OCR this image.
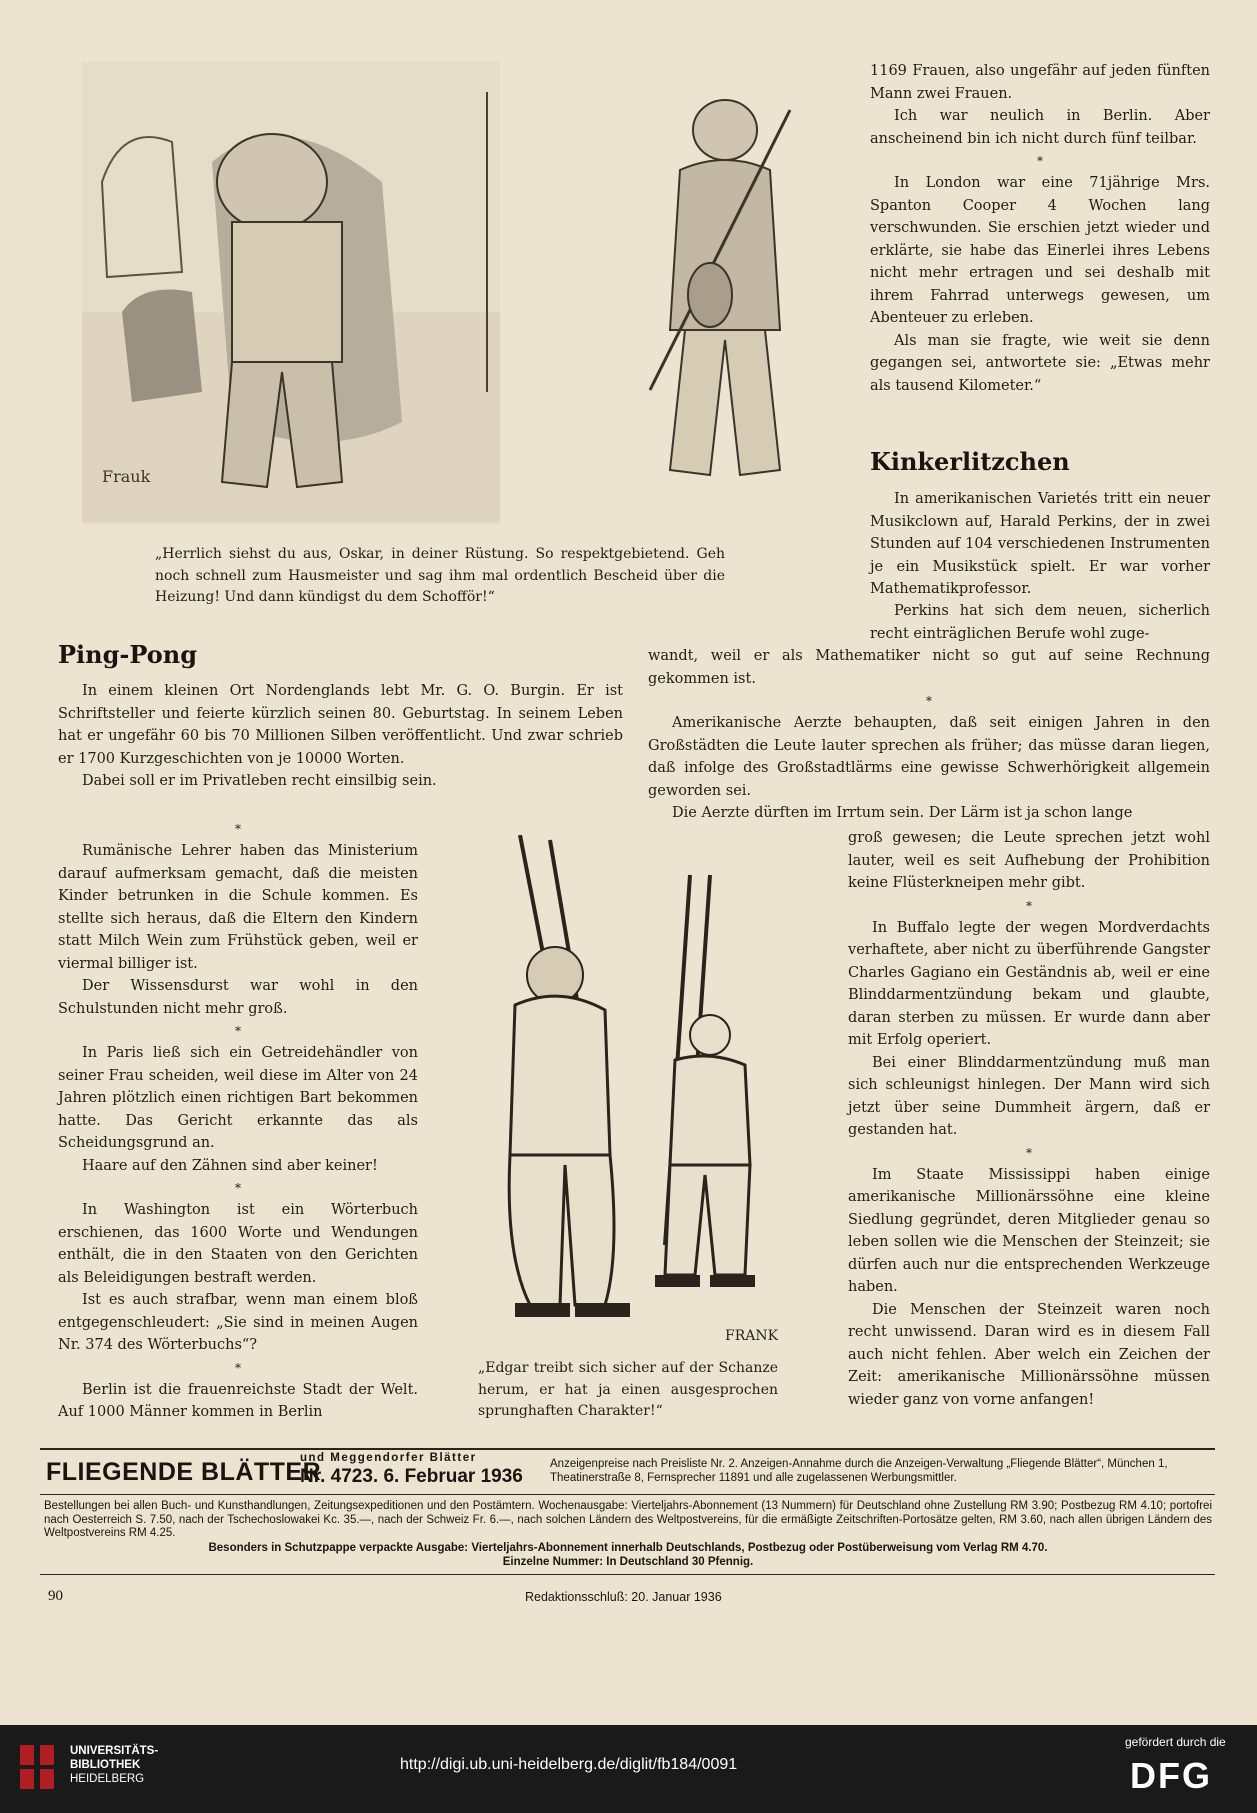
Frauk
„Herrlich siehst du aus, Oskar, in deiner Rüstung. So respektgebietend. Geh noch schnell zum Hausmeister und sag ihm mal ordentlich Bescheid über die Heizung! Und dann kündigst du dem Schofför!“

1169 Frauen, also ungefähr auf jeden fünften Mann zwei Frauen.

Ich war neulich in Berlin. Aber anscheinend bin ich nicht durch fünf teilbar.

*

In London war eine 71jährige Mrs. Spanton Cooper 4 Wochen lang verschwunden. Sie erschien jetzt wieder und erklärte, sie habe das Einerlei ihres Lebens nicht mehr ertragen und sei deshalb mit ihrem Fahrrad unterwegs gewesen, um Abenteuer zu erleben.

Als man sie fragte, wie weit sie denn gegangen sei, antwortete sie: „Etwas mehr als tausend Kilometer.“

Kinkerlitzchen

In amerikanischen Varietés tritt ein neuer Musikclown auf, Harald Perkins, der in zwei Stunden auf 104 verschiedenen Instrumenten je ein Musikstück spielt. Er war vorher Mathematikprofessor.

Perkins hat sich dem neuen, sicherlich recht einträglichen Berufe wohl zuge-

wandt, weil er als Mathematiker nicht so gut auf seine Rechnung gekommen ist.

*

Amerikanische Aerzte behaupten, daß seit einigen Jahren in den Großstädten die Leute lauter sprechen als früher; das müsse daran liegen, daß infolge des Großstadtlärms eine gewisse Schwerhörigkeit allgemein geworden sei.

Die Aerzte dürften im Irrtum sein. Der Lärm ist ja schon lange

groß gewesen; die Leute sprechen jetzt wohl lauter, weil es seit Aufhebung der Prohibition keine Flüsterkneipen mehr gibt.

*

In Buffalo legte der wegen Mordverdachts verhaftete, aber nicht zu überführende Gangster Charles Gagiano ein Geständnis ab, weil er eine Blinddarmentzündung bekam und glaubte, daran sterben zu müssen. Er wurde dann aber mit Erfolg operiert.

Bei einer Blinddarmentzündung muß man sich schleunigst hinlegen. Der Mann wird sich jetzt über seine Dummheit ärgern, daß er gestanden hat.

*

Im Staate Mississippi haben einige amerikanische Millionärssöhne eine kleine Siedlung gegründet, deren Mitglieder genau so leben sollen wie die Menschen der Steinzeit; sie dürfen auch nur die entsprechenden Werkzeuge haben.

Die Menschen der Steinzeit waren noch recht unwissend. Daran wird es in diesem Fall auch nicht fehlen. Aber welch ein Zeichen der Zeit: amerikanische Millionärssöhne müssen wieder ganz von vorne anfangen!

Ping-Pong

In einem kleinen Ort Nordenglands lebt Mr. G. O. Burgin. Er ist Schriftsteller und feierte kürzlich seinen 80. Geburtstag. In seinem Leben hat er ungefähr 60 bis 70 Millionen Silben veröffentlicht. Und zwar schrieb er 1700 Kurzgeschichten von je 10000 Worten.

Dabei soll er im Privatleben recht einsilbig sein.

*

Rumänische Lehrer haben das Ministerium darauf aufmerksam gemacht, daß die meisten Kinder betrunken in die Schule kommen. Es stellte sich heraus, daß die Eltern den Kindern statt Milch Wein zum Frühstück geben, weil er viermal billiger ist.

Der Wissensdurst war wohl in den Schulstunden nicht mehr groß.

*

In Paris ließ sich ein Getreidehändler von seiner Frau scheiden, weil diese im Alter von 24 Jahren plötzlich einen richtigen Bart bekommen hatte. Das Gericht erkannte das als Scheidungsgrund an.

Haare auf den Zähnen sind aber keiner!

*

In Washington ist ein Wörterbuch erschienen, das 1600 Worte und Wendungen enthält, die in den Staaten von den Gerichten als Beleidigungen bestraft werden.

Ist es auch strafbar, wenn man einem bloß entgegenschleudert: „Sie sind in meinen Augen Nr. 374 des Wörterbuchs“?

*

Berlin ist die frauenreichste Stadt der Welt. Auf 1000 Männer kommen in Berlin

FRANK
„Edgar treibt sich sicher auf der Schanze herum, er hat ja einen ausgesprochen sprunghaften Charakter!“
FLIEGENDE BLÄTTER
und Meggendorfer Blätter
Nr. 4723. 6. Februar 1936
Anzeigenpreise nach Preisliste Nr. 2. Anzeigen-Annahme durch die Anzeigen-Verwaltung „Fliegende Blätter“, München 1, Theatinerstraße 8, Fernsprecher 11891 und alle zugelassenen Werbungsmittler.
Bestellungen bei allen Buch- und Kunsthandlungen, Zeitungsexpeditionen und den Postämtern. Wochenausgabe: Vierteljahrs-Abonnement (13 Nummern) für Deutschland ohne Zustellung RM 3.90; Postbezug RM 4.10; portofrei nach Oesterreich S. 7.50, nach der Tschechoslowakei Kc. 35.—, nach der Schweiz Fr. 6.—, nach solchen Ländern des Weltpostvereins, für die ermäßigte Zeitschriften-Portosätze gelten, RM 3.60, nach allen übrigen Ländern des Weltpostvereins RM 4.25.
Besonders in Schutzpappe verpackte Ausgabe: Vierteljahrs-Abonnement innerhalb Deutschlands, Postbezug oder Postüberweisung vom Verlag RM 4.70.
Einzelne Nummer: In Deutschland 30 Pfennig.
90	Redaktionsschluß: 20. Januar 1936
UNIVERSITÄTS-
BIBLIOTHEK
HEIDELBERG
http://digi.ub.uni-heidelberg.de/diglit/fb184/0091
gefördert durch die
DFG
